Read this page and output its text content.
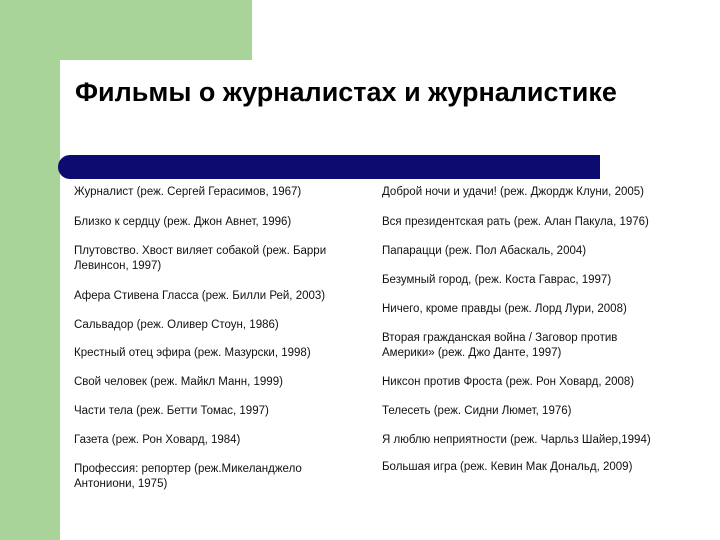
Фильмы о журналистах и журналистике
Журналист (реж. Сергей Герасимов, 1967)
Близко к сердцу (реж. Джон Авнет, 1996)
Плутовство. Хвост виляет собакой (реж. Барри Левинсон, 1997)
Афера Стивена Гласса (реж. Билли Рей, 2003)
Сальвадор (реж. Оливер Стоун, 1986)
Крестный отец эфира (реж. Мазурски, 1998)
Свой человек (реж. Майкл Манн, 1999)
Части тела (реж. Бетти Томас, 1997)
Газета (реж. Рон Ховард, 1984)
Профессия: репортер (реж.Микеланджело Антониони, 1975)
Доброй ночи и удачи! (реж. Джордж Клуни, 2005)
Вся президентская рать (реж. Алан Пакула, 1976)
Папарацци (реж. Пол Абаскаль, 2004)
Безумный город, (реж. Коста Гаврас, 1997)
Ничего, кроме правды (реж. Лорд Лури, 2008)
Вторая гражданская война / Заговор против Америки» (реж. Джо Данте, 1997)
Никсон против Фроста (реж. Рон Ховард, 2008)
Телесеть (реж. Сидни Люмет, 1976)
Я люблю неприятности (реж. Чарльз Шайер,1994)
Большая игра (реж. Кевин Мак Дональд, 2009)
